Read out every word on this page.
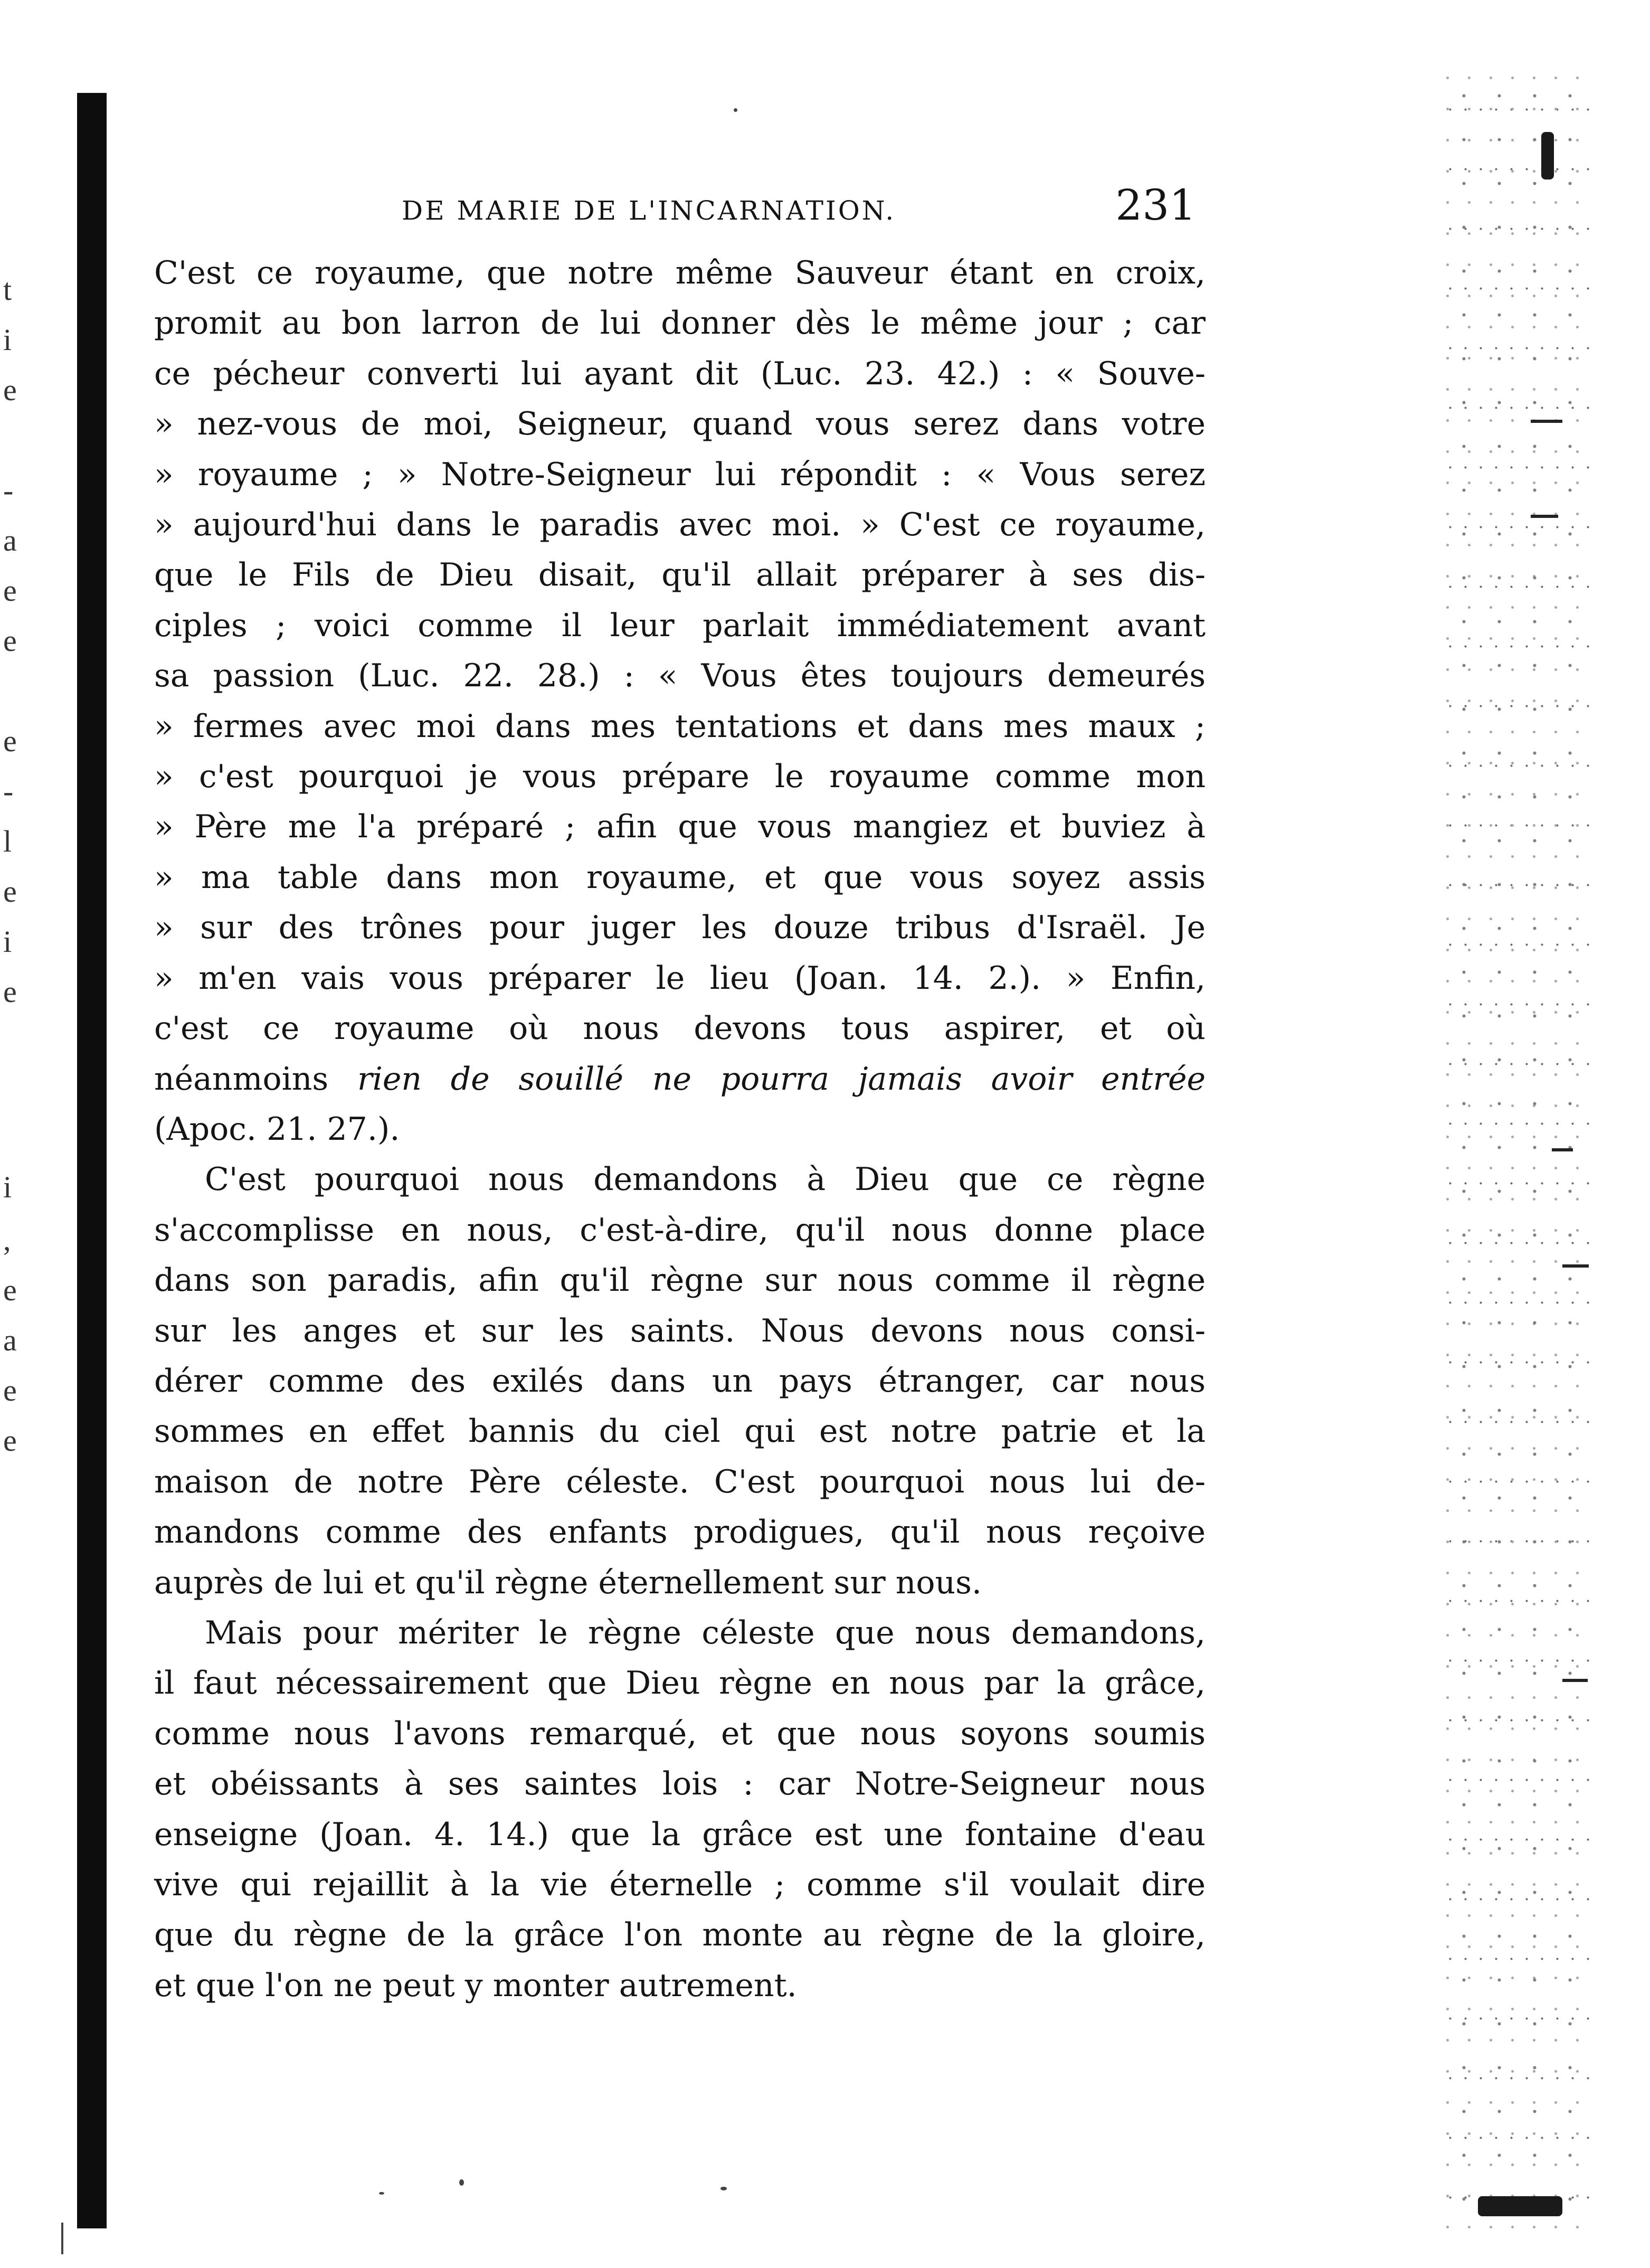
t
i
e
-
a
e
e
e
-
l
e
i
e
i
,
e
a
e
e
DE MARIE DE L'INCARNATION.	231
C'est ce royaume, que notre même Sauveur étant en croix,
promit au bon larron de lui donner dès le même jour ; car
ce pécheur converti lui ayant dit (Luc. 23. 42.) : « Souve-
» nez-vous de moi, Seigneur, quand vous serez dans votre
» royaume ; » Notre-Seigneur lui répondit : « Vous serez
» aujourd'hui dans le paradis avec moi. » C'est ce royaume,
que le Fils de Dieu disait, qu'il allait préparer à ses dis-
ciples ; voici comme il leur parlait immédiatement avant
sa passion (Luc. 22. 28.) : « Vous êtes toujours demeurés
» fermes avec moi dans mes tentations et dans mes maux ;
» c'est pourquoi je vous prépare le royaume comme mon
» Père me l'a préparé ; afin que vous mangiez et buviez à
» ma table dans mon royaume, et que vous soyez assis
» sur des trônes pour juger les douze tribus d'Israël. Je
» m'en vais vous préparer le lieu (Joan. 14. 2.). » Enfin,
c'est ce royaume où nous devons tous aspirer, et où
néanmoins rien de souillé ne pourra jamais avoir entrée
(Apoc. 21. 27.).
C'est pourquoi nous demandons à Dieu que ce règne
s'accomplisse en nous, c'est-à-dire, qu'il nous donne place
dans son paradis, afin qu'il règne sur nous comme il règne
sur les anges et sur les saints. Nous devons nous consi-
dérer comme des exilés dans un pays étranger, car nous
sommes en effet bannis du ciel qui est notre patrie et la
maison de notre Père céleste. C'est pourquoi nous lui de-
mandons comme des enfants prodigues, qu'il nous reçoive
auprès de lui et qu'il règne éternellement sur nous.
Mais pour mériter le règne céleste que nous demandons,
il faut nécessairement que Dieu règne en nous par la grâce,
comme nous l'avons remarqué, et que nous soyons soumis
et obéissants à ses saintes lois : car Notre-Seigneur nous
enseigne (Joan. 4. 14.) que la grâce est une fontaine d'eau
vive qui rejaillit à la vie éternelle ; comme s'il voulait dire
que du règne de la grâce l'on monte au règne de la gloire,
et que l'on ne peut y monter autrement.
